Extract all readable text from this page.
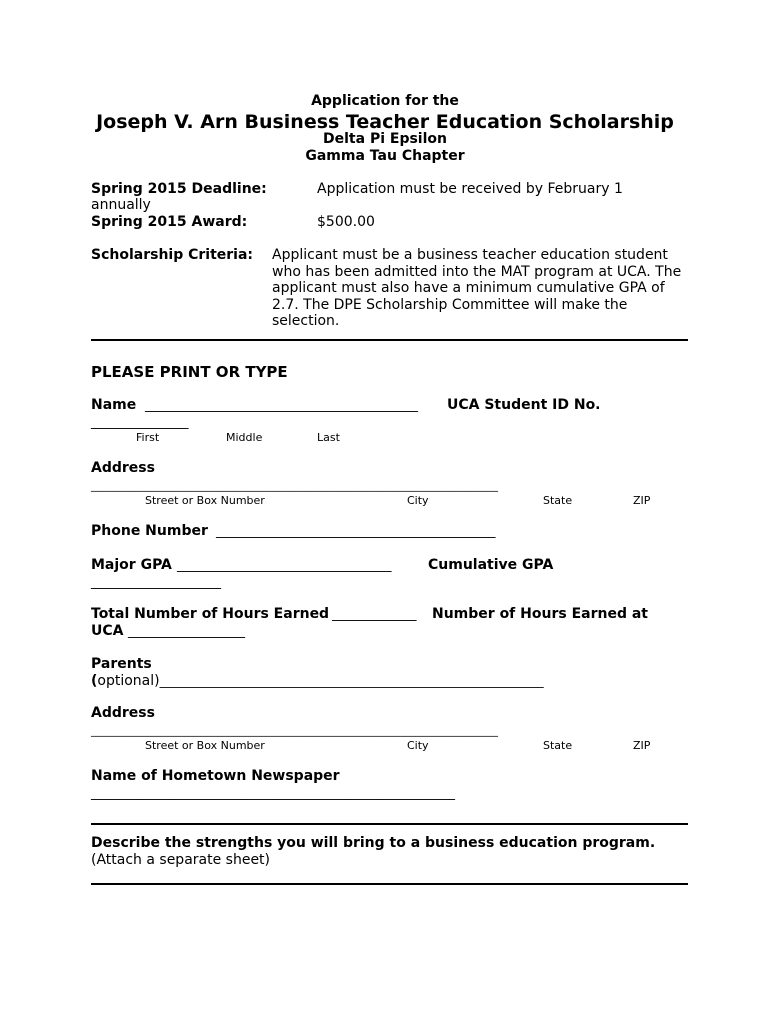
Application for the
Joseph V. Arn Business Teacher Education Scholarship
Delta Pi Epsilon
Gamma Tau Chapter
Spring 2015 Deadline:	Application must be received by February 1
annually
Spring 2015 Award:	$500.00
Scholarship Criteria: Applicant must be a business teacher education student
who has been admitted into the MAT program at UCA. The
applicant must also have a minimum cumulative GPA of
2.7. The DPE Scholarship Committee will make the
selection.
PLEASE PRINT OR TYPE
Name __________________________________________ UCA Student ID No.
_______________
First	Middle	Last
Address
__________________________________________________________________________
Street or Box Number	City	State	ZIP
Phone Number ___________________________________________
Major GPA _________________________________	Cumulative GPA
____________________
Total Number of Hours Earned _____________ Number of Hours Earned at
UCA __________________
Parents
(optional)________________________________________________________________
Address
__________________________________________________________________________
Street or Box Number	City	State	ZIP
Name of Hometown Newspaper
________________________________________________________
Describe the strengths you will bring to a business education program.
(Attach a separate sheet)
